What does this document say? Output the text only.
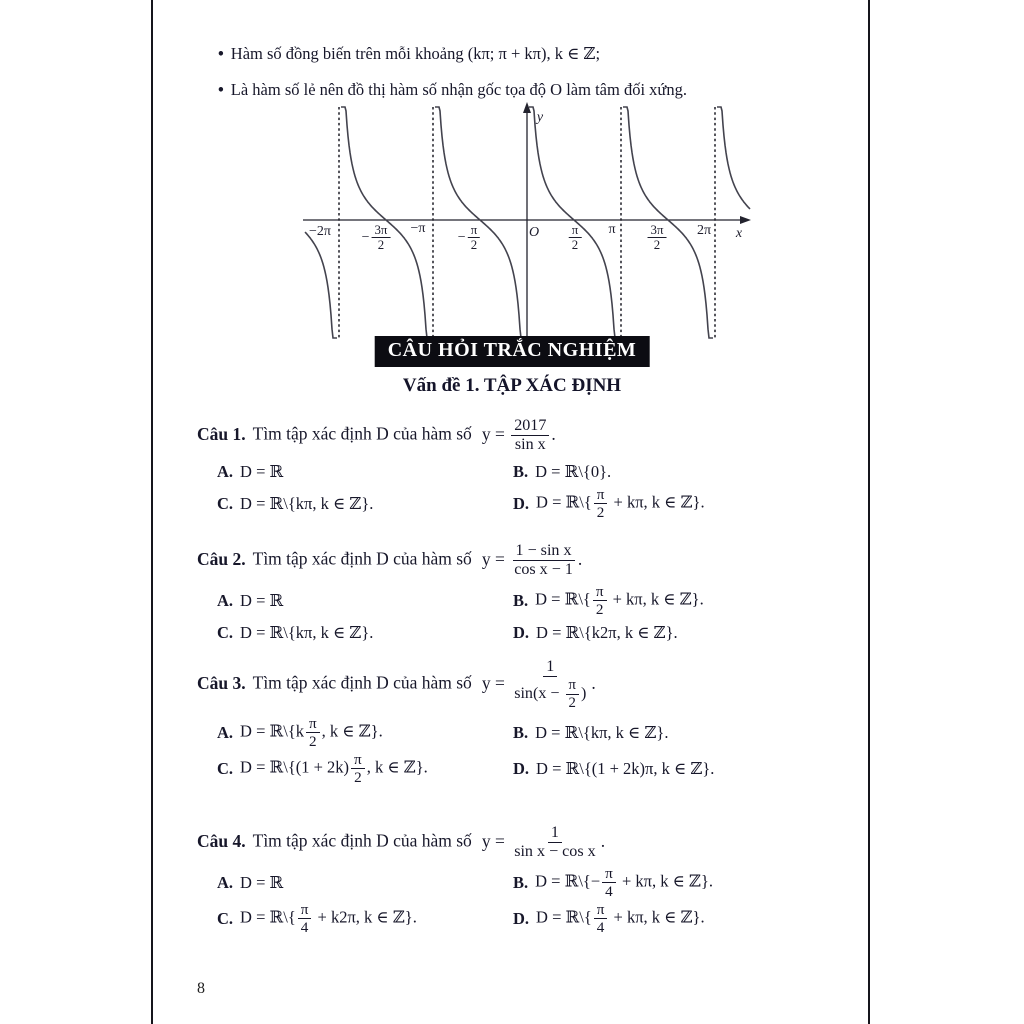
• Hàm số đồng biến trên mỗi khoảng (kπ; π + kπ), k ∈ ℤ;
• Là hàm số lẻ nên đồ thị hàm số nhận gốc tọa độ O làm tâm đối xứng.
$-2\pi - \frac{3\pi}{2} -\pi$
− $\frac{\pi}{2}$	O $\frac{\pi}{2}$ π $\frac{3\pi}{2} 2\pi$ x
y
CÂU HỎI TRẮC NGHIỆM
Vấn đề 1. TẬP XÁC ĐỊNH
Câu 1. Tìm tập xác định D của hàm số $y = \frac{2017}{\text{sin x}}$ .
A. D = ℝ	B. D = ℝ\{0}.
C. D = ℝ\{kπ, k ∈ ℤ}.	D. D = ℝ\{ $\frac{\pi}{2} + k\pi$, k ∈ ℤ}.
Câu 2. Tìm tập xác định D của hàm số $y = \frac{\text{1 − sin x}}{\text{cos x − 1}}$ .
A. D = ℝ	B. D = ℝ\{ $\frac{\pi}{2} + k\pi$, k ∈ ℤ}.
C. D = ℝ\{kπ, k ∈ ℤ}.	D. D = ℝ\{k2π, k ∈ ℤ}.
Câu 3. Tìm tập xác định D của hàm số $y = \frac{1}{\sin(x - \frac{\pi}{2} )}$ .
A. D = ℝ\{k $\frac{\pi}{2}$ , k ∈ ℤ}.	B. D = ℝ\{kπ, k ∈ ℤ}.
C. D = ℝ\{(1 + $2k) \frac{\pi}{2}$ , k ∈ ℤ}.	D. D = ℝ\{(1 + 2k)π, k ∈ ℤ}.
Câu 4. Tìm tập xác định D của hàm số $y = \frac{1}{\text{sin x − cos x}}$ .
A. D = ℝ	B. D = ℝ\{− $\frac{\pi}{4} + k\pi$, k ∈ ℤ}.
C. D = ℝ\{ $\frac{\pi}{4} + k2\pi$, k ∈ ℤ}.	D. D = ℝ\{ $\frac{\pi}{4} + k\pi$, k ∈ ℤ}.
8
